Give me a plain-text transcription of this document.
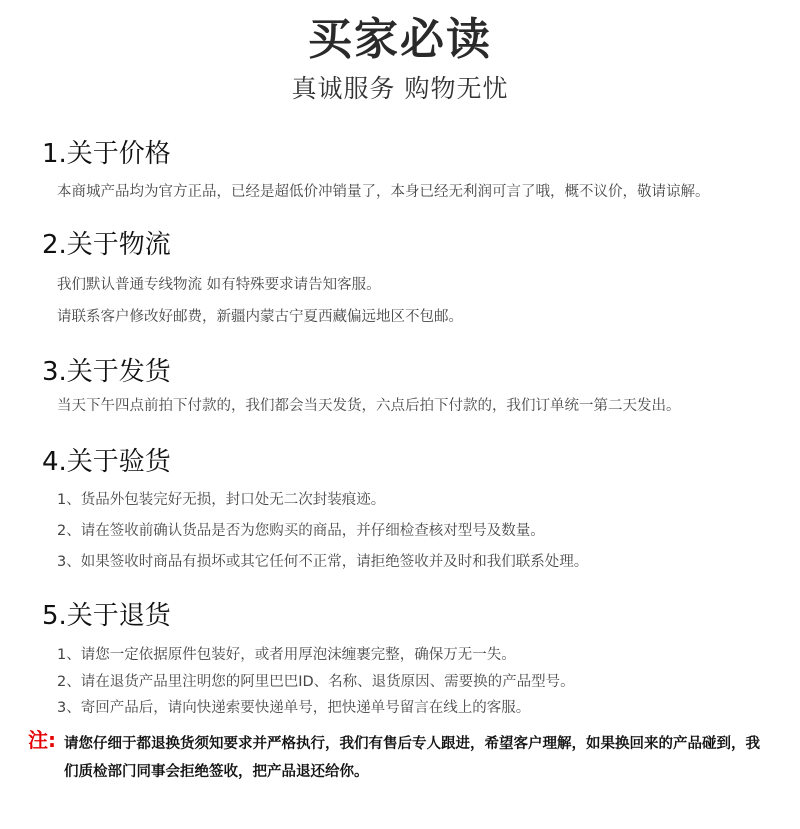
买家必读
真诚服务 购物无忧
1.关于价格
本商城产品均为官方正品，已经是超低价冲销量了，本身已经无利润可言了哦，概不议价，敬请谅解。
2.关于物流
我们默认普通专线物流 如有特殊要求请告知客服。
请联系客户修改好邮费，新疆内蒙古宁夏西藏偏远地区不包邮。
3.关于发货
当天下午四点前拍下付款的，我们都会当天发货，六点后拍下付款的，我们订单统一第二天发出。
4.关于验货
1、货品外包装完好无损，封口处无二次封装痕迹。
2、请在签收前确认货品是否为您购买的商品，并仔细检查核对型号及数量。
3、如果签收时商品有损坏或其它任何不正常，请拒绝签收并及时和我们联系处理。
5.关于退货
1、请您一定依据原件包装好，或者用厚泡沫缠裹完整，确保万无一失。
2、请在退货产品里注明您的阿里巴巴ID、名称、退货原因、需要换的产品型号。
3、寄回产品后，请向快递索要快递单号，把快递单号留言在线上的客服。
注: 请您仔细于都退换货须知要求并严格执行，我们有售后专人跟进，希望客户理解，如果换回来的产品碰到，我们质检部门同事会拒绝签收，把产品退还给你。
